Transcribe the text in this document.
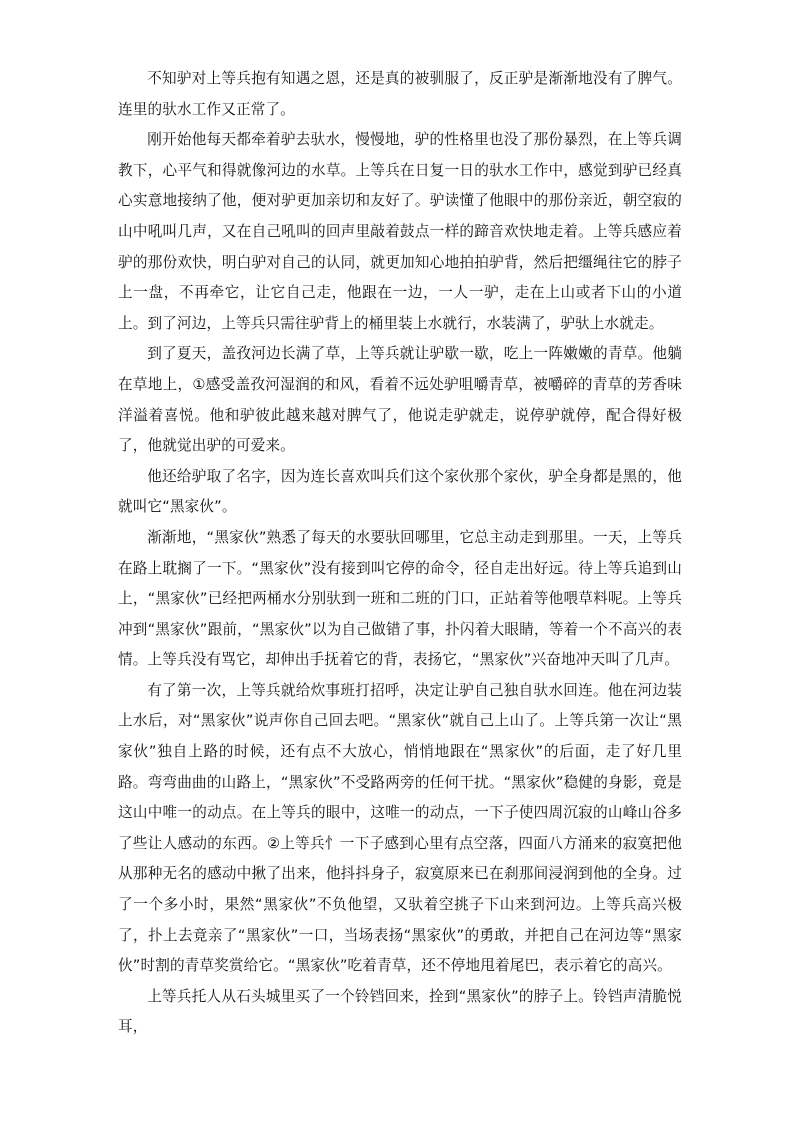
不知驴对上等兵抱有知遇之恩，还是真的被驯服了，反正驴是渐渐地没有了脾气。连里的驮水工作又正常了。

刚开始他每天都牵着驴去驮水，慢慢地，驴的性格里也没了那份暴烈，在上等兵调教下，心平气和得就像河边的水草。上等兵在日复一日的驮水工作中，感觉到驴已经真心实意地接纳了他，便对驴更加亲切和友好了。驴读懂了他眼中的那份亲近，朝空寂的山中吼叫几声，又在自己吼叫的回声里敲着鼓点一样的蹄音欢快地走着。上等兵感应着驴的那份欢快，明白驴对自己的认同，就更加知心地拍拍驴背，然后把缰绳往它的脖子上一盘，不再牵它，让它自己走，他跟在一边，一人一驴，走在上山或者下山的小道上。到了河边，上等兵只需往驴背上的桶里装上水就行，水装满了，驴驮上水就走。

到了夏天，盖孜河边长满了草，上等兵就让驴歇一歇，吃上一阵嫩嫩的青草。他躺在草地上，①感受盖孜河湿润的和风，看着不远处驴咀嚼青草，被嚼碎的青草的芳香味洋溢着喜悦。他和驴彼此越来越对脾气了，他说走驴就走，说停驴就停，配合得好极了，他就觉出驴的可爱来。

他还给驴取了名字，因为连长喜欢叫兵们这个家伙那个家伙，驴全身都是黑的，他就叫它“黑家伙”。

渐渐地，“黑家伙”熟悉了每天的水要驮回哪里，它总主动走到那里。一天，上等兵在路上耽搁了一下。“黑家伙”没有接到叫它停的命令，径自走出好远。待上等兵追到山上，“黑家伙”已经把两桶水分别驮到一班和二班的门口，正站着等他喂草料呢。上等兵冲到“黑家伙”跟前，“黑家伙”以为自己做错了事，扑闪着大眼睛，等着一个不高兴的表情。上等兵没有骂它，却伸出手抚着它的背，表扬它，“黑家伙”兴奋地冲天叫了几声。

有了第一次，上等兵就给炊事班打招呼，决定让驴自己独自驮水回连。他在河边装上水后，对“黑家伙”说声你自己回去吧。“黑家伙”就自己上山了。上等兵第一次让“黑家伙”独自上路的时候，还有点不大放心，悄悄地跟在“黑家伙”的后面，走了好几里路。弯弯曲曲的山路上，“黑家伙”不受路两旁的任何干扰。“黑家伙”稳健的身影，竟是这山中唯一的动点。在上等兵的眼中，这唯一的动点，一下子使四周沉寂的山峰山谷多了些让人感动的东西。②上等兵忄一下子感到心里有点空落，四面八方涌来的寂寞把他从那种无名的感动中揪了出来，他抖抖身子，寂寞原来已在刹那间浸润到他的全身。过了一个多小时，果然“黑家伙”不负他望，又驮着空挑子下山来到河边。上等兵高兴极了，扑上去竟亲了“黑家伙”一口，当场表扬“黑家伙”的勇敢，并把自己在河边等“黑家伙”时割的青草奖赏给它。“黑家伙”吃着青草，还不停地甩着尾巴，表示着它的高兴。

上等兵托人从石头城里买了一个铃铛回来，拴到“黑家伙”的脖子上。铃铛声清脆悦耳，
